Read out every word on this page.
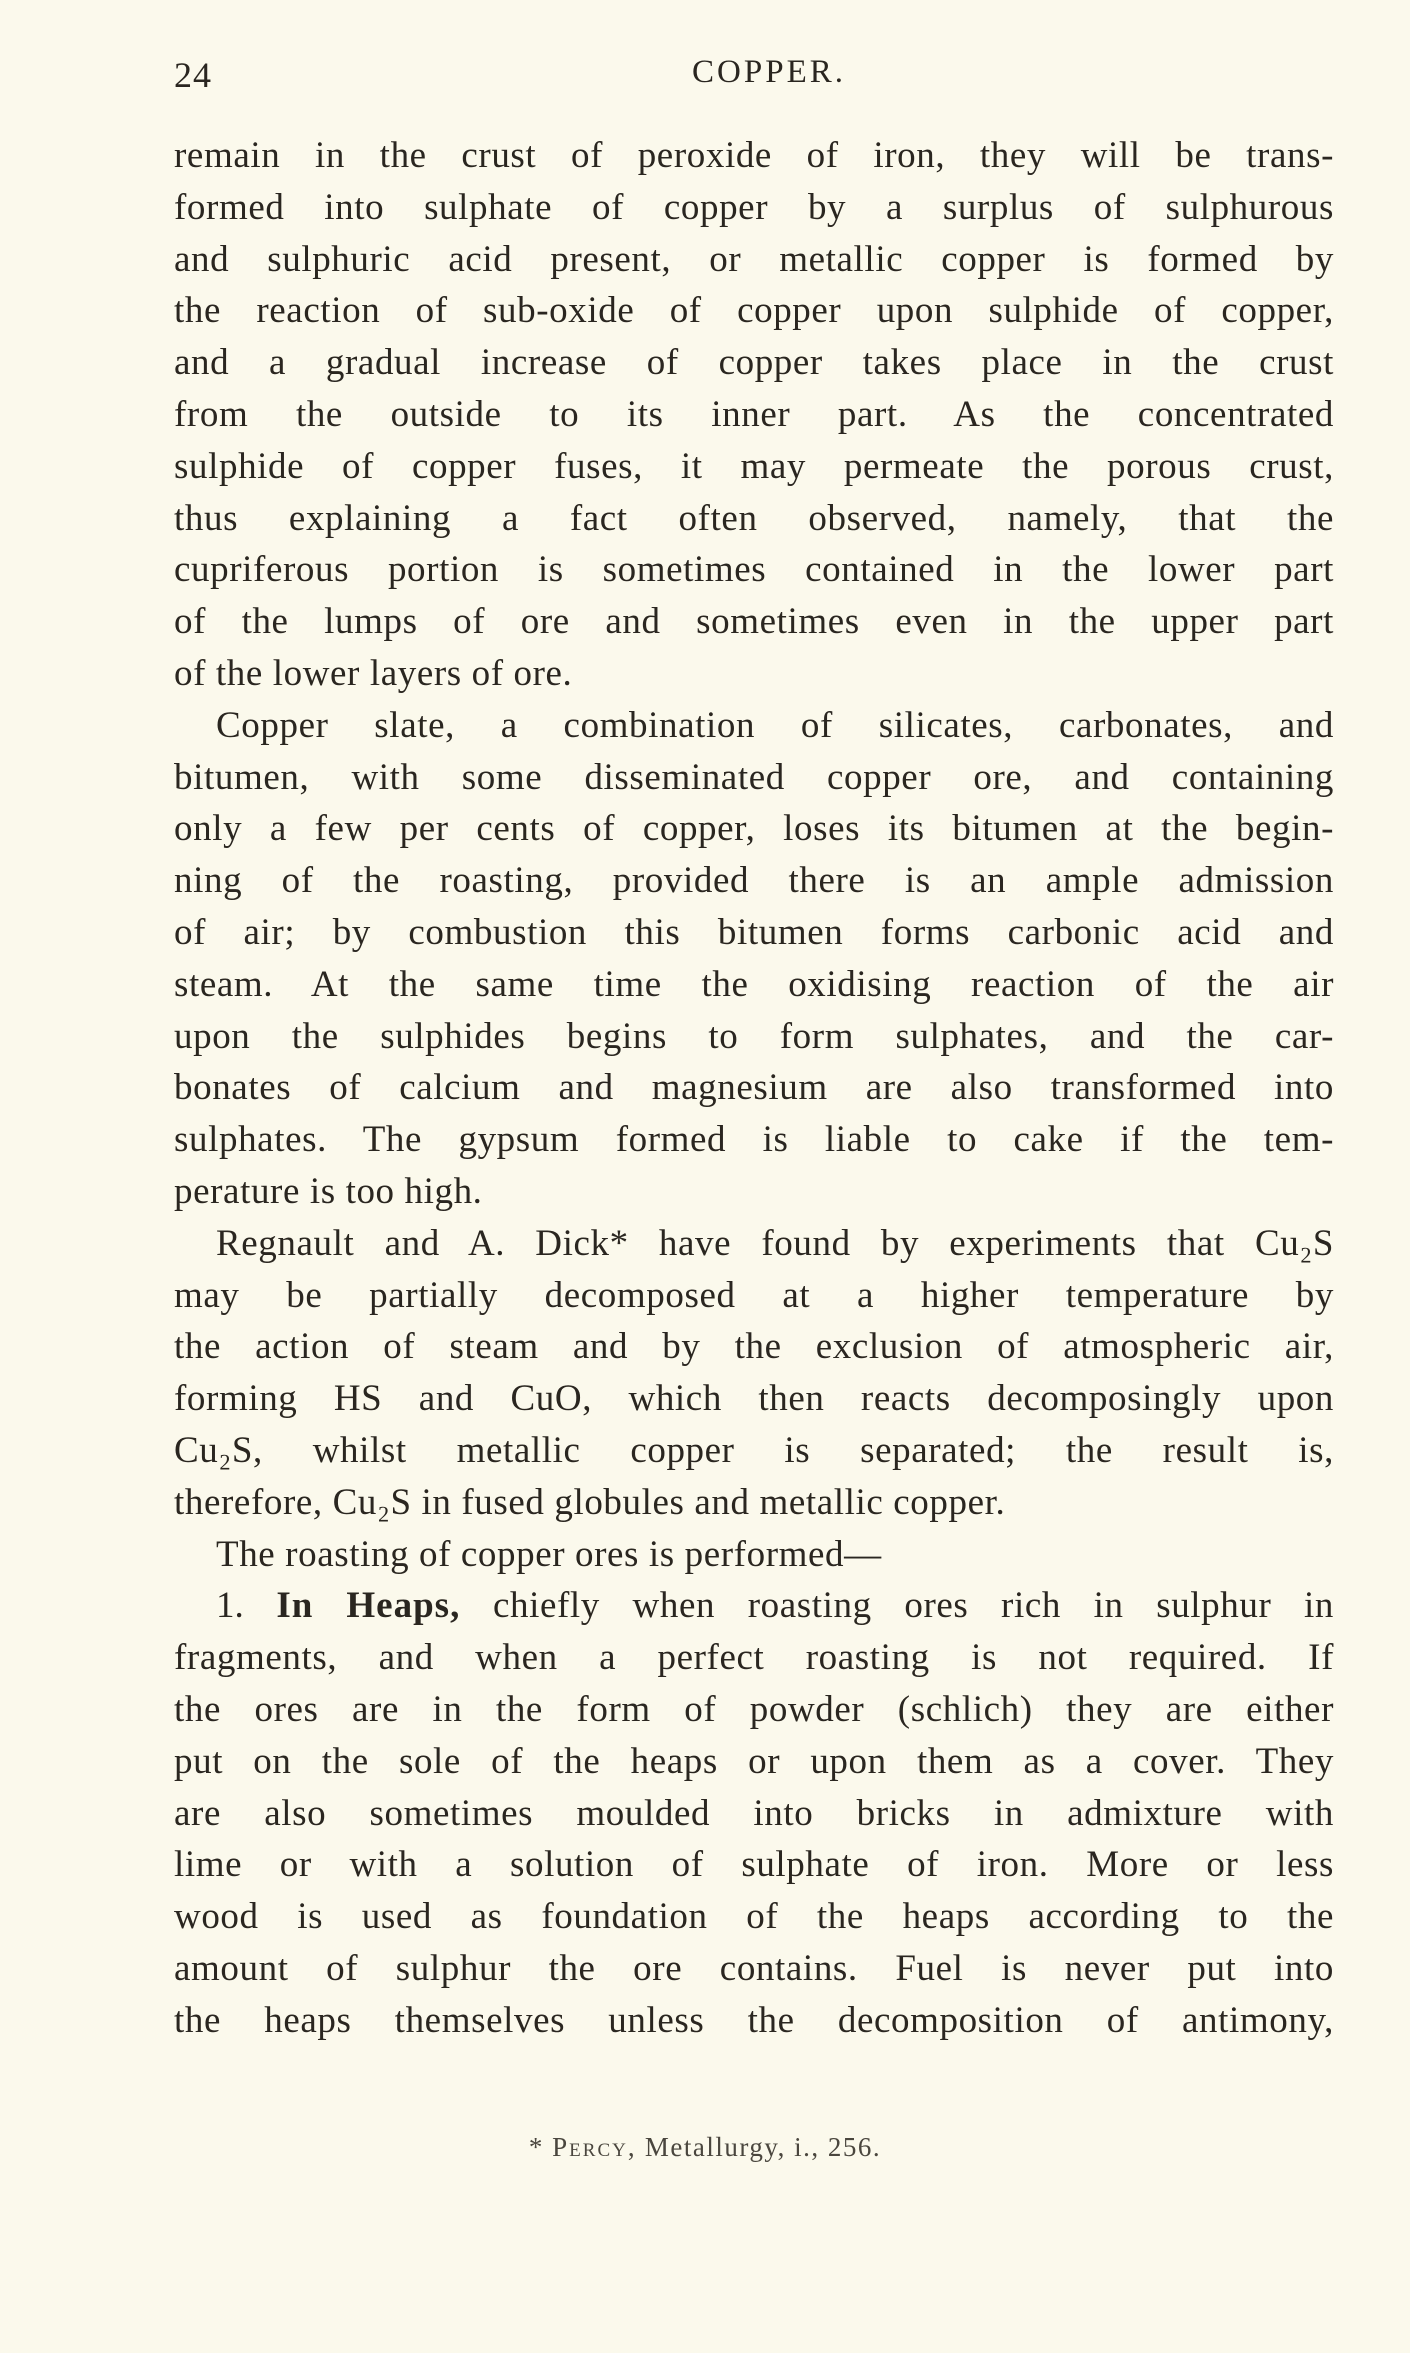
24	COPPER.

remain in the crust of peroxide of iron, they will be trans-
formed into sulphate of copper by a surplus of sulphurous
and sulphuric acid present, or metallic copper is formed by
the reaction of sub-oxide of copper upon sulphide of copper,
and a gradual increase of copper takes place in the crust
from the outside to its inner part. As the concentrated
sulphide of copper fuses, it may permeate the porous crust,
thus explaining a fact often observed, namely, that the
cupriferous portion is sometimes contained in the lower part
of the lumps of ore and sometimes even in the upper part
of the lower layers of ore.

Copper slate, a combination of silicates, carbonates, and
bitumen, with some disseminated copper ore, and containing
only a few per cents of copper, loses its bitumen at the begin-
ning of the roasting, provided there is an ample admission
of air; by combustion this bitumen forms carbonic acid and
steam. At the same time the oxidising reaction of the air
upon the sulphides begins to form sulphates, and the car-
bonates of calcium and magnesium are also transformed into
sulphates. The gypsum formed is liable to cake if the tem-
perature is too high.

Regnault and A. Dick* have found by experiments that Cu₂S
may be partially decomposed at a higher temperature by
the action of steam and by the exclusion of atmospheric air,
forming HS and CuO, which then reacts decomposingly upon
Cu₂S, whilst metallic copper is separated; the result is,
therefore, Cu₂S in fused globules and metallic copper.

The roasting of copper ores is performed—

1. In Heaps, chiefly when roasting ores rich in sulphur in
fragments, and when a perfect roasting is not required. If
the ores are in the form of powder (schlich) they are either
put on the sole of the heaps or upon them as a cover. They
are also sometimes moulded into bricks in admixture with
lime or with a solution of sulphate of iron. More or less
wood is used as foundation of the heaps according to the
amount of sulphur the ore contains. Fuel is never put into
the heaps themselves unless the decomposition of antimony,

* Percy, Metallurgy, i., 256.
